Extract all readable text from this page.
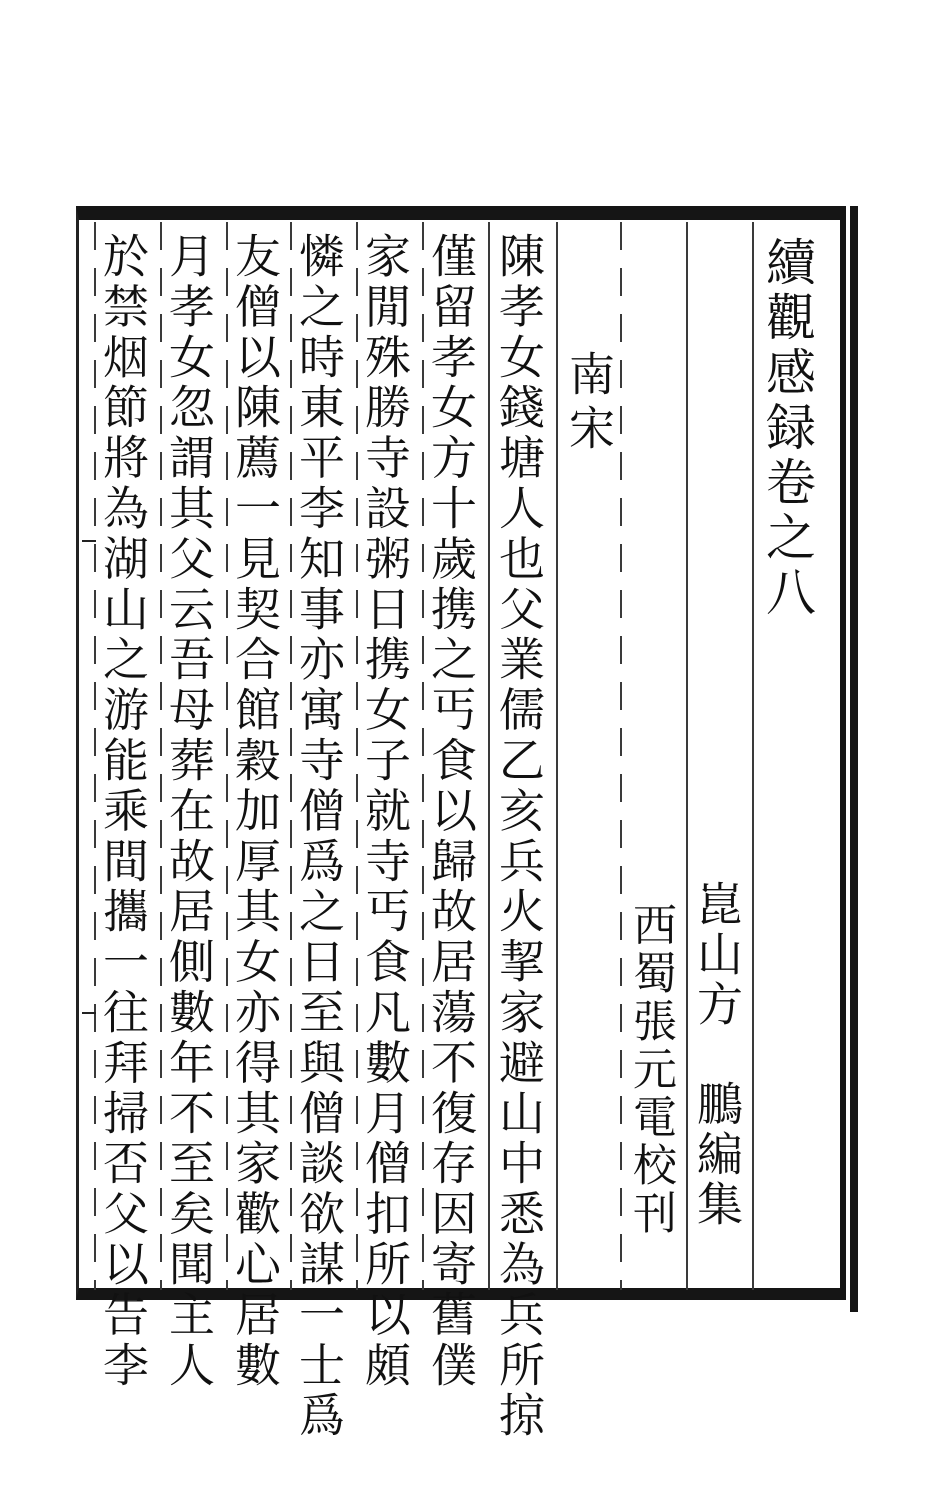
續觀感録卷之八
南宋
崑山方　鵬編集
西蜀張元電校刊
陳孝女錢塘人也父業儒乙亥兵火挈家避山中悉為兵所掠
僅留孝女方十歲携之丐食以歸故居蕩不復存因寄舊僕
家閒殊勝寺設粥日携女子就寺丐食凡數月僧扣所以頗
憐之時東平李知事亦寓寺僧爲之日至與僧談欲謀一士爲
友僧以陳薦一見契合館穀加厚其女亦得其家歡心居數
月孝女忽謂其父云吾母葬在故居側數年不至矣聞主人
於禁烟節將為湖山之游能乘間攜一往拜掃否父以告李
